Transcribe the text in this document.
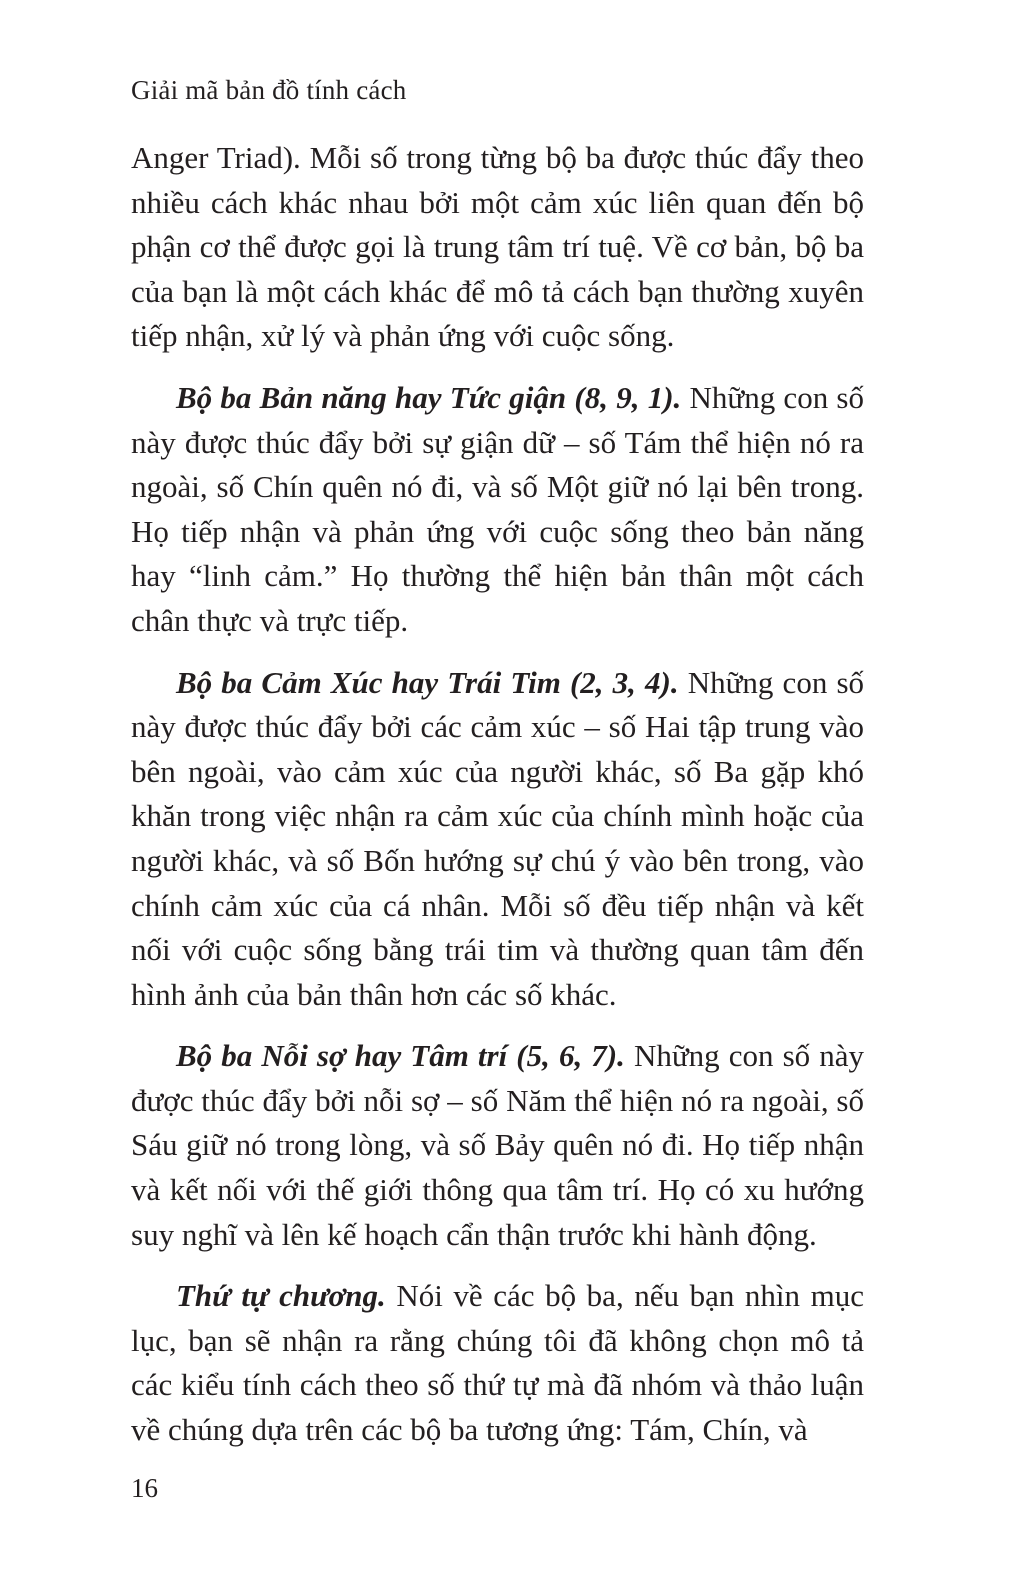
Giải mã bản đồ tính cách

Anger Triad). Mỗi số trong từng bộ ba được thúc đẩy theo nhiều cách khác nhau bởi một cảm xúc liên quan đến bộ phận cơ thể được gọi là trung tâm trí tuệ. Về cơ bản, bộ ba của bạn là một cách khác để mô tả cách bạn thường xuyên tiếp nhận, xử lý và phản ứng với cuộc sống.

Bộ ba Bản năng hay Tức giận (8, 9, 1). Những con số này được thúc đẩy bởi sự giận dữ – số Tám thể hiện nó ra ngoài, số Chín quên nó đi, và số Một giữ nó lại bên trong. Họ tiếp nhận và phản ứng với cuộc sống theo bản năng hay “linh cảm.” Họ thường thể hiện bản thân một cách chân thực và trực tiếp.

Bộ ba Cảm Xúc hay Trái Tim (2, 3, 4). Những con số này được thúc đẩy bởi các cảm xúc – số Hai tập trung vào bên ngoài, vào cảm xúc của người khác, số Ba gặp khó khăn trong việc nhận ra cảm xúc của chính mình hoặc của người khác, và số Bốn hướng sự chú ý vào bên trong, vào chính cảm xúc của cá nhân. Mỗi số đều tiếp nhận và kết nối với cuộc sống bằng trái tim và thường quan tâm đến hình ảnh của bản thân hơn các số khác.

Bộ ba Nỗi sợ hay Tâm trí (5, 6, 7). Những con số này được thúc đẩy bởi nỗi sợ – số Năm thể hiện nó ra ngoài, số Sáu giữ nó trong lòng, và số Bảy quên nó đi. Họ tiếp nhận và kết nối với thế giới thông qua tâm trí. Họ có xu hướng suy nghĩ và lên kế hoạch cẩn thận trước khi hành động.

Thứ tự chương. Nói về các bộ ba, nếu bạn nhìn mục lục, bạn sẽ nhận ra rằng chúng tôi đã không chọn mô tả các kiểu tính cách theo số thứ tự mà đã nhóm và thảo luận về chúng dựa trên các bộ ba tương ứng: Tám, Chín, và

16
